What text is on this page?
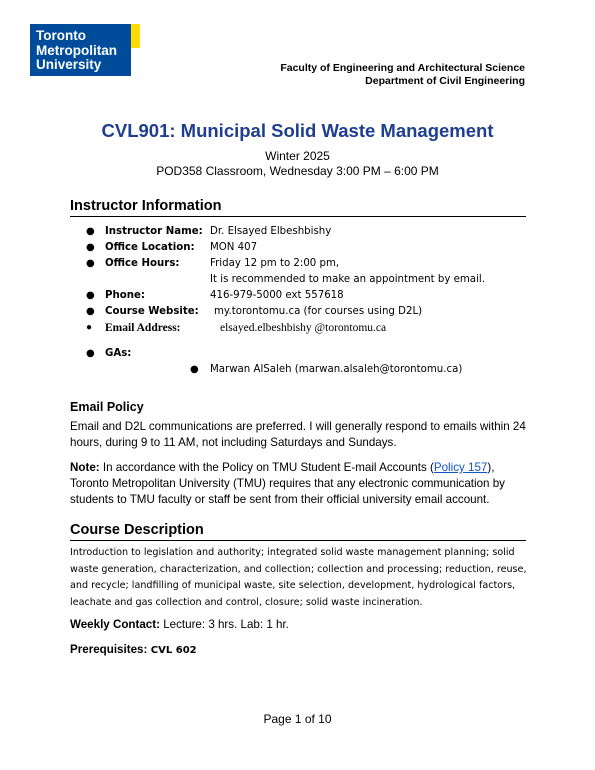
Toronto
Metropolitan
University	Faculty of Engineering and Architectural Science
Department of Civil Engineering
CVL901: Municipal Solid Waste Management
Winter 2025
POD358 Classroom, Wednesday 3:00 PM – 6:00 PM
Instructor Information
● Instructor Name: Dr. Elsayed Elbeshbishy
● Office Location: MON 407
● Office Hours:	Friday 12 pm to 2:00 pm,
It is recommended to make an appointment by email.
● Phone:	416-979-5000 ext 557618
● Course Website: my.torontomu.ca (for courses using D2L)
● Email Address:	elsayed.elbeshbishy @torontomu.ca
● GAs:
● Marwan AlSaleh (marwan.alsaleh@torontomu.ca)
Email Policy
Email and D2L communications are preferred. I will generally respond to emails within 24 hours, during 9 to 11 AM, not including Saturdays and Sundays.
Note: In accordance with the Policy on TMU Student E-mail Accounts (Policy 157), Toronto Metropolitan University (TMU) requires that any electronic communication by students to TMU faculty or staff be sent from their official university email account.
Course Description
Introduction to legislation and authority; integrated solid waste management planning; solid waste generation, characterization, and collection; collection and processing; reduction, reuse, and recycle; landfilling of municipal waste, site selection, development, hydrological factors, leachate and gas collection and control, closure; solid waste incineration.
Weekly Contact: Lecture: 3 hrs. Lab: 1 hr.
Prerequisites: CVL 602
Page 1 of 10
